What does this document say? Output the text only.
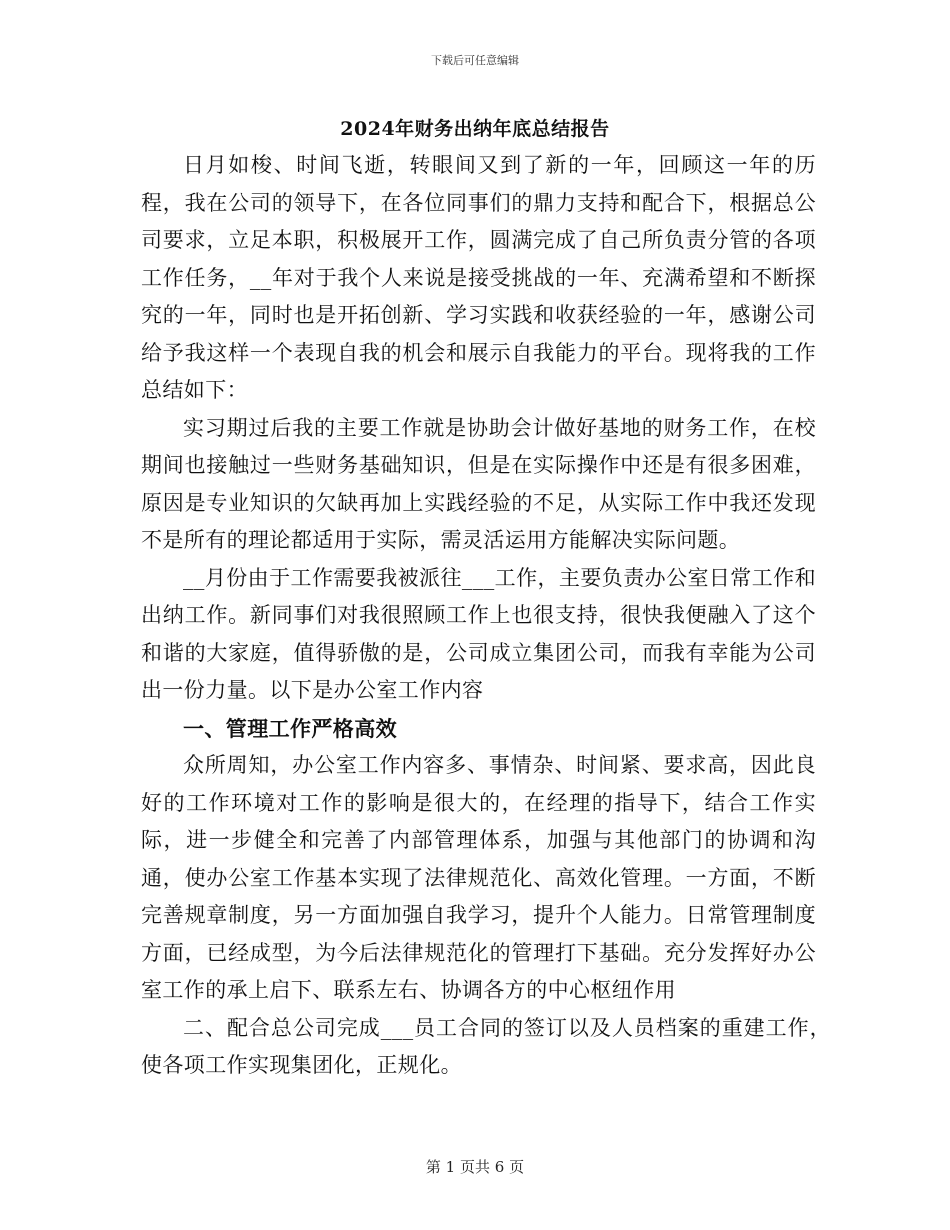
下载后可任意编辑
2024年财务出纳年底总结报告

日月如梭、时间飞逝，转眼间又到了新的一年，回顾这一年的历程，我在公司的领导下，在各位同事们的鼎力支持和配合下，根据总公司要求，立足本职，积极展开工作，圆满完成了自己所负责分管的各项工作任务，__年对于我个人来说是接受挑战的一年、充满希望和不断探究的一年，同时也是开拓创新、学习实践和收获经验的一年，感谢公司给予我这样一个表现自我的机会和展示自我能力的平台。现将我的工作总结如下：

实习期过后我的主要工作就是协助会计做好基地的财务工作，在校期间也接触过一些财务基础知识，但是在实际操作中还是有很多困难，原因是专业知识的欠缺再加上实践经验的不足，从实际工作中我还发现不是所有的理论都适用于实际，需灵活运用方能解决实际问题。

__月份由于工作需要我被派往___工作，主要负责办公室日常工作和出纳工作。新同事们对我很照顾工作上也很支持，很快我便融入了这个和谐的大家庭，值得骄傲的是，公司成立集团公司，而我有幸能为公司出一份力量。以下是办公室工作内容

一、管理工作严格高效

众所周知，办公室工作内容多、事情杂、时间紧、要求高，因此良好的工作环境对工作的影响是很大的，在经理的指导下，结合工作实际，进一步健全和完善了内部管理体系，加强与其他部门的协调和沟通，使办公室工作基本实现了法律规范化、高效化管理。一方面，不断完善规章制度，另一方面加强自我学习，提升个人能力。日常管理制度方面，已经成型，为今后法律规范化的管理打下基础。充分发挥好办公室工作的承上启下、联系左右、协调各方的中心枢纽作用

二、配合总公司完成___员工合同的签订以及人员档案的重建工作，使各项工作实现集团化，正规化。

第 1 页共 6 页
